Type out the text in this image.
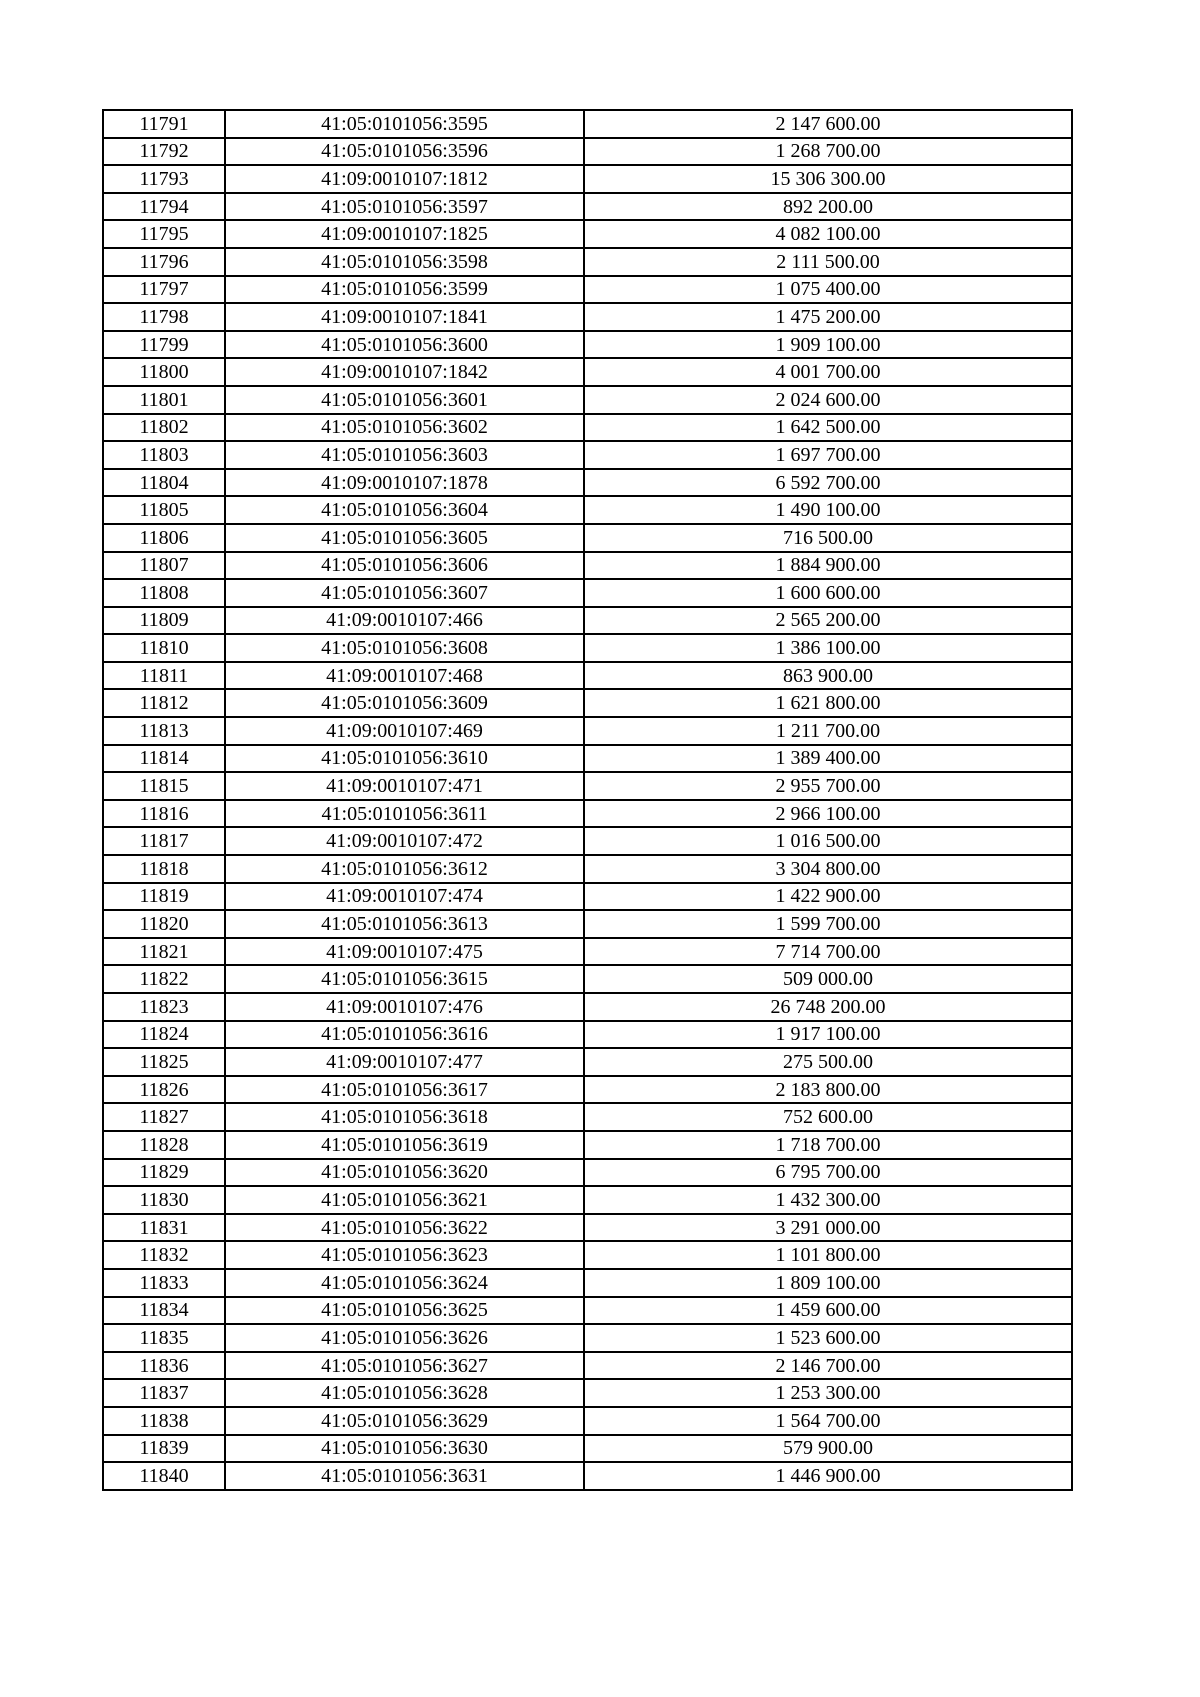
11791	41:05:0101056:3595	2 147 600.00
11792	41:05:0101056:3596	1 268 700.00
11793	41:09:0010107:1812	15 306 300.00
11794	41:05:0101056:3597	892 200.00
11795	41:09:0010107:1825	4 082 100.00
11796	41:05:0101056:3598	2 111 500.00
11797	41:05:0101056:3599	1 075 400.00
11798	41:09:0010107:1841	1 475 200.00
11799	41:05:0101056:3600	1 909 100.00
11800	41:09:0010107:1842	4 001 700.00
11801	41:05:0101056:3601	2 024 600.00
11802	41:05:0101056:3602	1 642 500.00
11803	41:05:0101056:3603	1 697 700.00
11804	41:09:0010107:1878	6 592 700.00
11805	41:05:0101056:3604	1 490 100.00
11806	41:05:0101056:3605	716 500.00
11807	41:05:0101056:3606	1 884 900.00
11808	41:05:0101056:3607	1 600 600.00
11809	41:09:0010107:466	2 565 200.00
11810	41:05:0101056:3608	1 386 100.00
11811	41:09:0010107:468	863 900.00
11812	41:05:0101056:3609	1 621 800.00
11813	41:09:0010107:469	1 211 700.00
11814	41:05:0101056:3610	1 389 400.00
11815	41:09:0010107:471	2 955 700.00
11816	41:05:0101056:3611	2 966 100.00
11817	41:09:0010107:472	1 016 500.00
11818	41:05:0101056:3612	3 304 800.00
11819	41:09:0010107:474	1 422 900.00
11820	41:05:0101056:3613	1 599 700.00
11821	41:09:0010107:475	7 714 700.00
11822	41:05:0101056:3615	509 000.00
11823	41:09:0010107:476	26 748 200.00
11824	41:05:0101056:3616	1 917 100.00
11825	41:09:0010107:477	275 500.00
11826	41:05:0101056:3617	2 183 800.00
11827	41:05:0101056:3618	752 600.00
11828	41:05:0101056:3619	1 718 700.00
11829	41:05:0101056:3620	6 795 700.00
11830	41:05:0101056:3621	1 432 300.00
11831	41:05:0101056:3622	3 291 000.00
11832	41:05:0101056:3623	1 101 800.00
11833	41:05:0101056:3624	1 809 100.00
11834	41:05:0101056:3625	1 459 600.00
11835	41:05:0101056:3626	1 523 600.00
11836	41:05:0101056:3627	2 146 700.00
11837	41:05:0101056:3628	1 253 300.00
11838	41:05:0101056:3629	1 564 700.00
11839	41:05:0101056:3630	579 900.00
11840	41:05:0101056:3631	1 446 900.00
